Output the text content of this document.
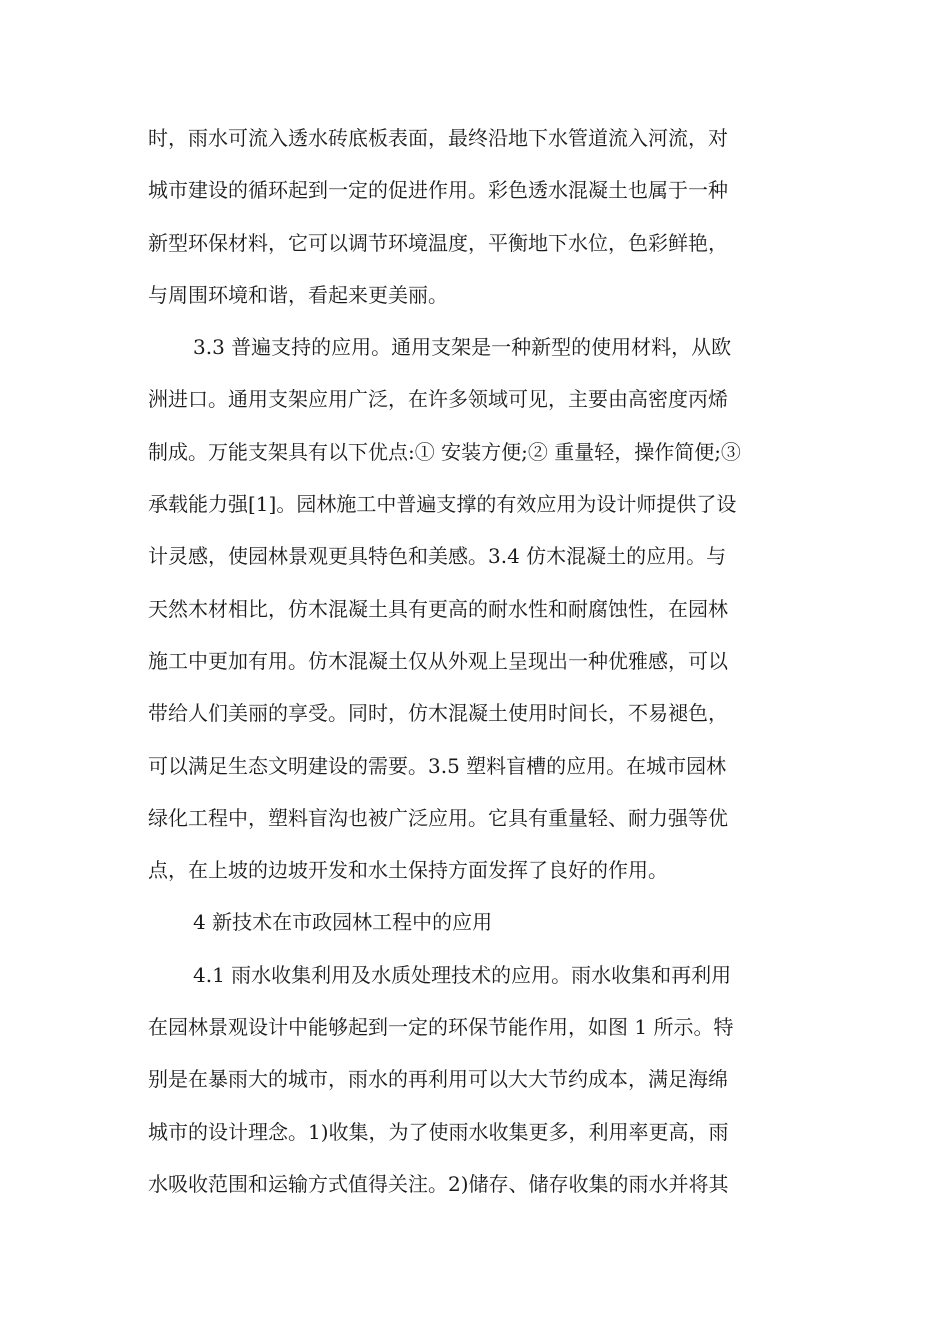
时，雨水可流入透水砖底板表面，最终沿地下水管道流入河流，对
城市建设的循环起到一定的促进作用。彩色透水混凝土也属于一种
新型环保材料，它可以调节环境温度，平衡地下水位，色彩鲜艳，
与周围环境和谐，看起来更美丽。
3.3 普遍支持的应用。通用支架是一种新型的使用材料，从欧
洲进口。通用支架应用广泛，在许多领域可见，主要由高密度丙烯
制成。万能支架具有以下优点:① 安装方便;② 重量轻，操作简便;③
承载能力强[1]。园林施工中普遍支撑的有效应用为设计师提供了设
计灵感，使园林景观更具特色和美感。3.4 仿木混凝土的应用。与
天然木材相比，仿木混凝土具有更高的耐水性和耐腐蚀性，在园林
施工中更加有用。仿木混凝土仅从外观上呈现出一种优雅感，可以
带给人们美丽的享受。同时，仿木混凝土使用时间长，不易褪色，
可以满足生态文明建设的需要。3.5 塑料盲槽的应用。在城市园林
绿化工程中，塑料盲沟也被广泛应用。它具有重量轻、耐力强等优
点，在上坡的边坡开发和水土保持方面发挥了良好的作用。
4 新技术在市政园林工程中的应用
4.1 雨水收集利用及水质处理技术的应用。雨水收集和再利用
在园林景观设计中能够起到一定的环保节能作用，如图 1 所示。特
别是在暴雨大的城市，雨水的再利用可以大大节约成本，满足海绵
城市的设计理念。1)收集，为了使雨水收集更多，利用率更高，雨
水吸收范围和运输方式值得关注。2)储存、储存收集的雨水并将其
